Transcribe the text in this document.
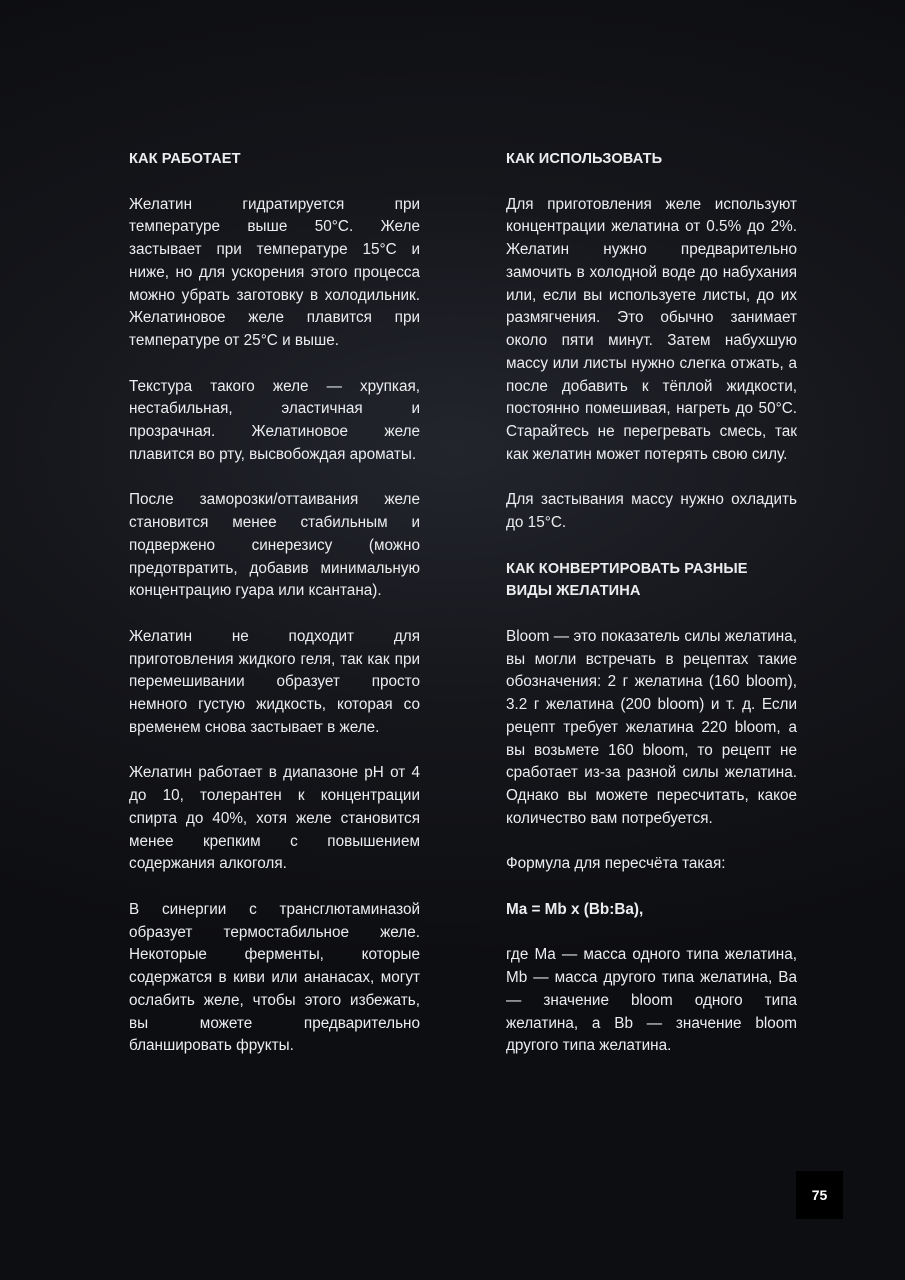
КАК РАБОТАЕТ

Желатин гидратируется при температуре выше 50°С. Желе застывает при температуре 15°С и ниже, но для ускорения этого процесса можно убрать заготовку в холодильник. Желатиновое желе плавится при температуре от 25°С и выше.

Текстура такого желе — хрупкая, нестабильная, эластичная и прозрачная. Желатиновое желе плавится во рту, высвобождая ароматы.

После заморозки/оттаивания желе становится менее стабильным и подвержено синерезису (можно предотвратить, добавив минимальную концентрацию гуара или ксантана).

Желатин не подходит для приготовления жидкого геля, так как при перемешивании образует просто немного густую жидкость, которая со временем снова застывает в желе.

Желатин работает в диапазоне pH от 4 до 10, толерантен к концентрации спирта до 40%, хотя желе становится менее крепким с повышением содержания алкоголя.

В синергии с трансглютаминазой образует термостабильное желе. Некоторые ферменты, которые содержатся в киви или ананасах, могут ослабить желе, чтобы этого избежать, вы можете предварительно бланшировать фрукты.

КАК ИСПОЛЬЗОВАТЬ

Для приготовления желе используют концентрации желатина от 0.5% до 2%. Желатин нужно предварительно замочить в холодной воде до набухания или, если вы используете листы, до их размягчения. Это обычно занимает около пяти минут. Затем набухшую массу или листы нужно слегка отжать, а после добавить к тёплой жидкости, постоянно помешивая, нагреть до 50°С. Старайтесь не перегревать смесь, так как желатин может потерять свою силу.

Для застывания массу нужно охладить до 15°С.

КАК КОНВЕРТИРОВАТЬ РАЗНЫЕ ВИДЫ ЖЕЛАТИНА

Bloom — это показатель силы желатина, вы могли встречать в рецептах такие обозначения: 2 г желатина (160 bloom), 3.2 г желатина (200 bloom) и т. д. Если рецепт требует желатина 220 bloom, а вы возьмете 160 bloom, то рецепт не сработает из-за разной силы желатина. Однако вы можете пересчитать, какое количество вам потребуется.

Формула для пересчёта такая:

Ma = Mb x (Bb:Ba),

где Ma — масса одного типа желатина, Mb — масса другого типа желатина, Ba — значение bloom одного типа желатина, а Bb — значение bloom другого типа желатина.

75
